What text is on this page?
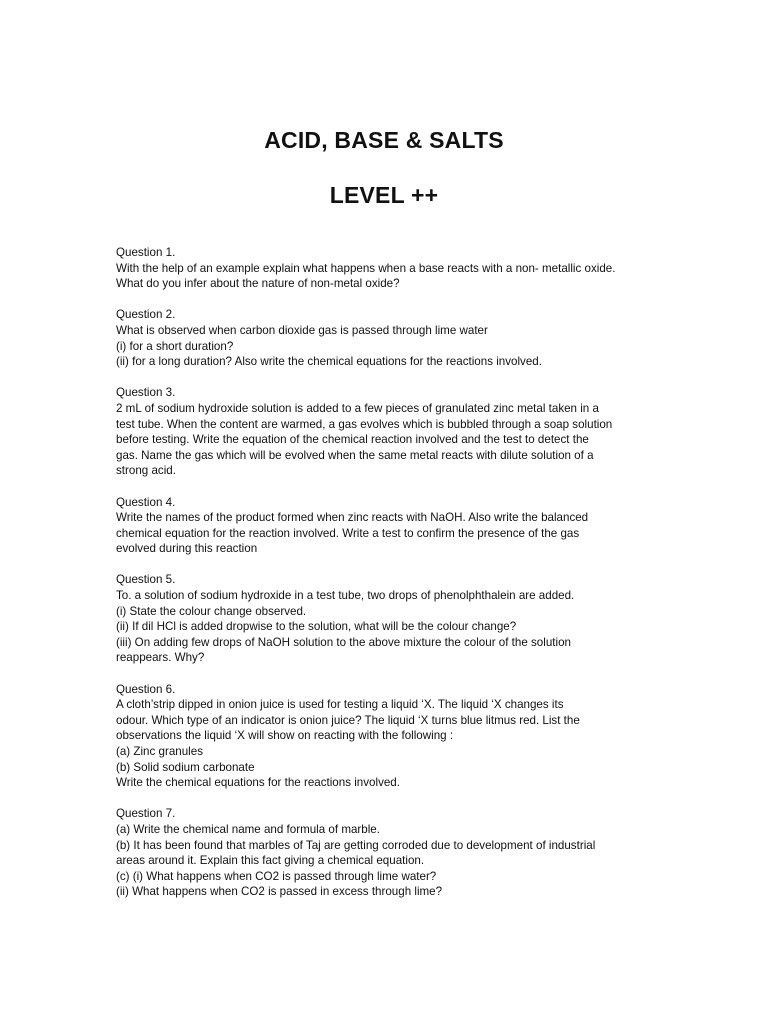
ACID, BASE & SALTS
LEVEL ++
Question 1.
With the help of an example explain what happens when a base reacts with a non- metallic oxide.
What do you infer about the nature of non-metal oxide?
Question 2.
What is observed when carbon dioxide gas is passed through lime water
(i) for a short duration?
(ii) for a long duration? Also write the chemical equations for the reactions involved.
Question 3.
2 mL of sodium hydroxide solution is added to a few pieces of granulated zinc metal taken in a
test tube. When the content are warmed, a gas evolves which is bubbled through a soap solution
before testing. Write the equation of the chemical reaction involved and the test to detect the
gas. Name the gas which will be evolved when the same metal reacts with dilute solution of a
strong acid.
Question 4.
Write the names of the product formed when zinc reacts with NaOH. Also write the balanced
chemical equation for the reaction involved. Write a test to confirm the presence of the gas
evolved during this reaction
Question 5.
To. a solution of sodium hydroxide in a test tube, two drops of phenolphthalein are added.
(i) State the colour change observed.
(ii) If dil HCl is added dropwise to the solution, what will be the colour change?
(iii) On adding few drops of NaOH solution to the above mixture the colour of the solution
reappears. Why?
Question 6.
A cloth’strip dipped in onion juice is used for testing a liquid ‘X. The liquid ‘X changes its
odour. Which type of an indicator is onion juice? The liquid ‘X turns blue litmus red. List the
observations the liquid ‘X will show on reacting with the following :
(a) Zinc granules
(b) Solid sodium carbonate
Write the chemical equations for the reactions involved.
Question 7.
(a) Write the chemical name and formula of marble.
(b) It has been found that marbles of Taj are getting corroded due to development of industrial
areas around it. Explain this fact giving a chemical equation.
(c) (i) What happens when CO2 is passed through lime water?
(ii) What happens when CO2 is passed in excess through lime?
